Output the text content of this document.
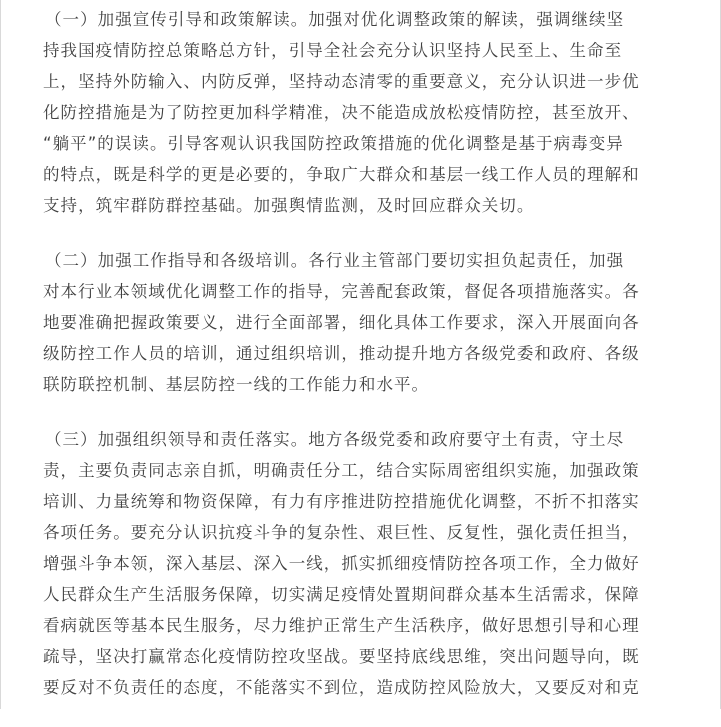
（一）加强宣传引导和政策解读。加强对优化调整政策的解读，强调继续坚
持我国疫情防控总策略总方针，引导全社会充分认识坚持人民至上、生命至
上，坚持外防输入、内防反弹，坚持动态清零的重要意义，充分认识进一步优
化防控措施是为了防控更加科学精准，决不能造成放松疫情防控，甚至放开、
“躺平”的误读。引导客观认识我国防控政策措施的优化调整是基于病毒变异
的特点，既是科学的更是必要的，争取广大群众和基层一线工作人员的理解和
支持，筑牢群防群控基础。加强舆情监测，及时回应群众关切。
（二）加强工作指导和各级培训。各行业主管部门要切实担负起责任，加强
对本行业本领域优化调整工作的指导，完善配套政策，督促各项措施落实。各
地要准确把握政策要义，进行全面部署，细化具体工作要求，深入开展面向各
级防控工作人员的培训，通过组织培训，推动提升地方各级党委和政府、各级
联防联控机制、基层防控一线的工作能力和水平。
（三）加强组织领导和责任落实。地方各级党委和政府要守土有责，守土尽
责，主要负责同志亲自抓，明确责任分工，结合实际周密组织实施，加强政策
培训、力量统筹和物资保障，有力有序推进防控措施优化调整，不折不扣落实
各项任务。要充分认识抗疫斗争的复杂性、艰巨性、反复性，强化责任担当，
增强斗争本领，深入基层、深入一线，抓实抓细疫情防控各项工作，全力做好
人民群众生产生活服务保障，切实满足疫情处置期间群众基本生活需求，保障
看病就医等基本民生服务，尽力维护正常生产生活秩序，做好思想引导和心理
疏导，坚决打赢常态化疫情防控攻坚战。要坚持底线思维，突出问题导向，既
要反对不负责任的态度，不能落实不到位，造成防控风险放大，又要反对和克
